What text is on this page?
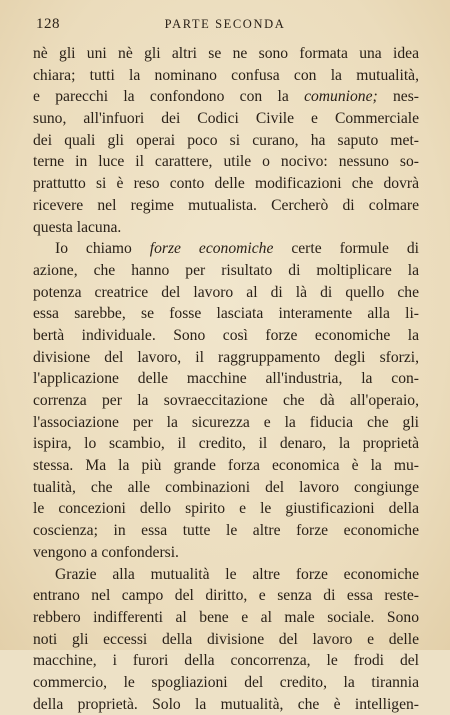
128	PARTE SECONDA
nè gli uni nè gli altri se ne sono formata una idea
chiara; tutti la nominano confusa con la mutualità,
e parecchi la confondono con la comunione; nes-
suno, all'infuori dei Codici Civile e Commerciale
dei quali gli operai poco si curano, ha saputo met-
terne in luce il carattere, utile o nocivo: nessuno so-
prattutto si è reso conto delle modificazioni che dovrà
ricevere nel regime mutualista. Cercherò di colmare
questa lacuna.
Io chiamo forze economiche certe formule di
azione, che hanno per risultato di moltiplicare la
potenza creatrice del lavoro al di là di quello che
essa sarebbe, se fosse lasciata interamente alla li-
bertà individuale. Sono così forze economiche la
divisione del lavoro, il raggruppamento degli sforzi,
l'applicazione delle macchine all'industria, la con-
correnza per la sovraeccitazione che dà all'operaio,
l'associazione per la sicurezza e la fiducia che gli
ispira, lo scambio, il credito, il denaro, la proprietà
stessa. Ma la più grande forza economica è la mu-
tualità, che alle combinazioni del lavoro congiunge
le concezioni dello spirito e le giustificazioni della
coscienza; in essa tutte le altre forze economiche
vengono a confondersi.
Grazie alla mutualità le altre forze economiche
entrano nel campo del diritto, e senza di essa reste-
rebbero indifferenti al bene e al male sociale. Sono
noti gli eccessi della divisione del lavoro e delle
macchine, i furori della concorrenza, le frodi del
commercio, le spogliazioni del credito, la tirannia
della proprietà. Solo la mutualità, che è intelligen-
